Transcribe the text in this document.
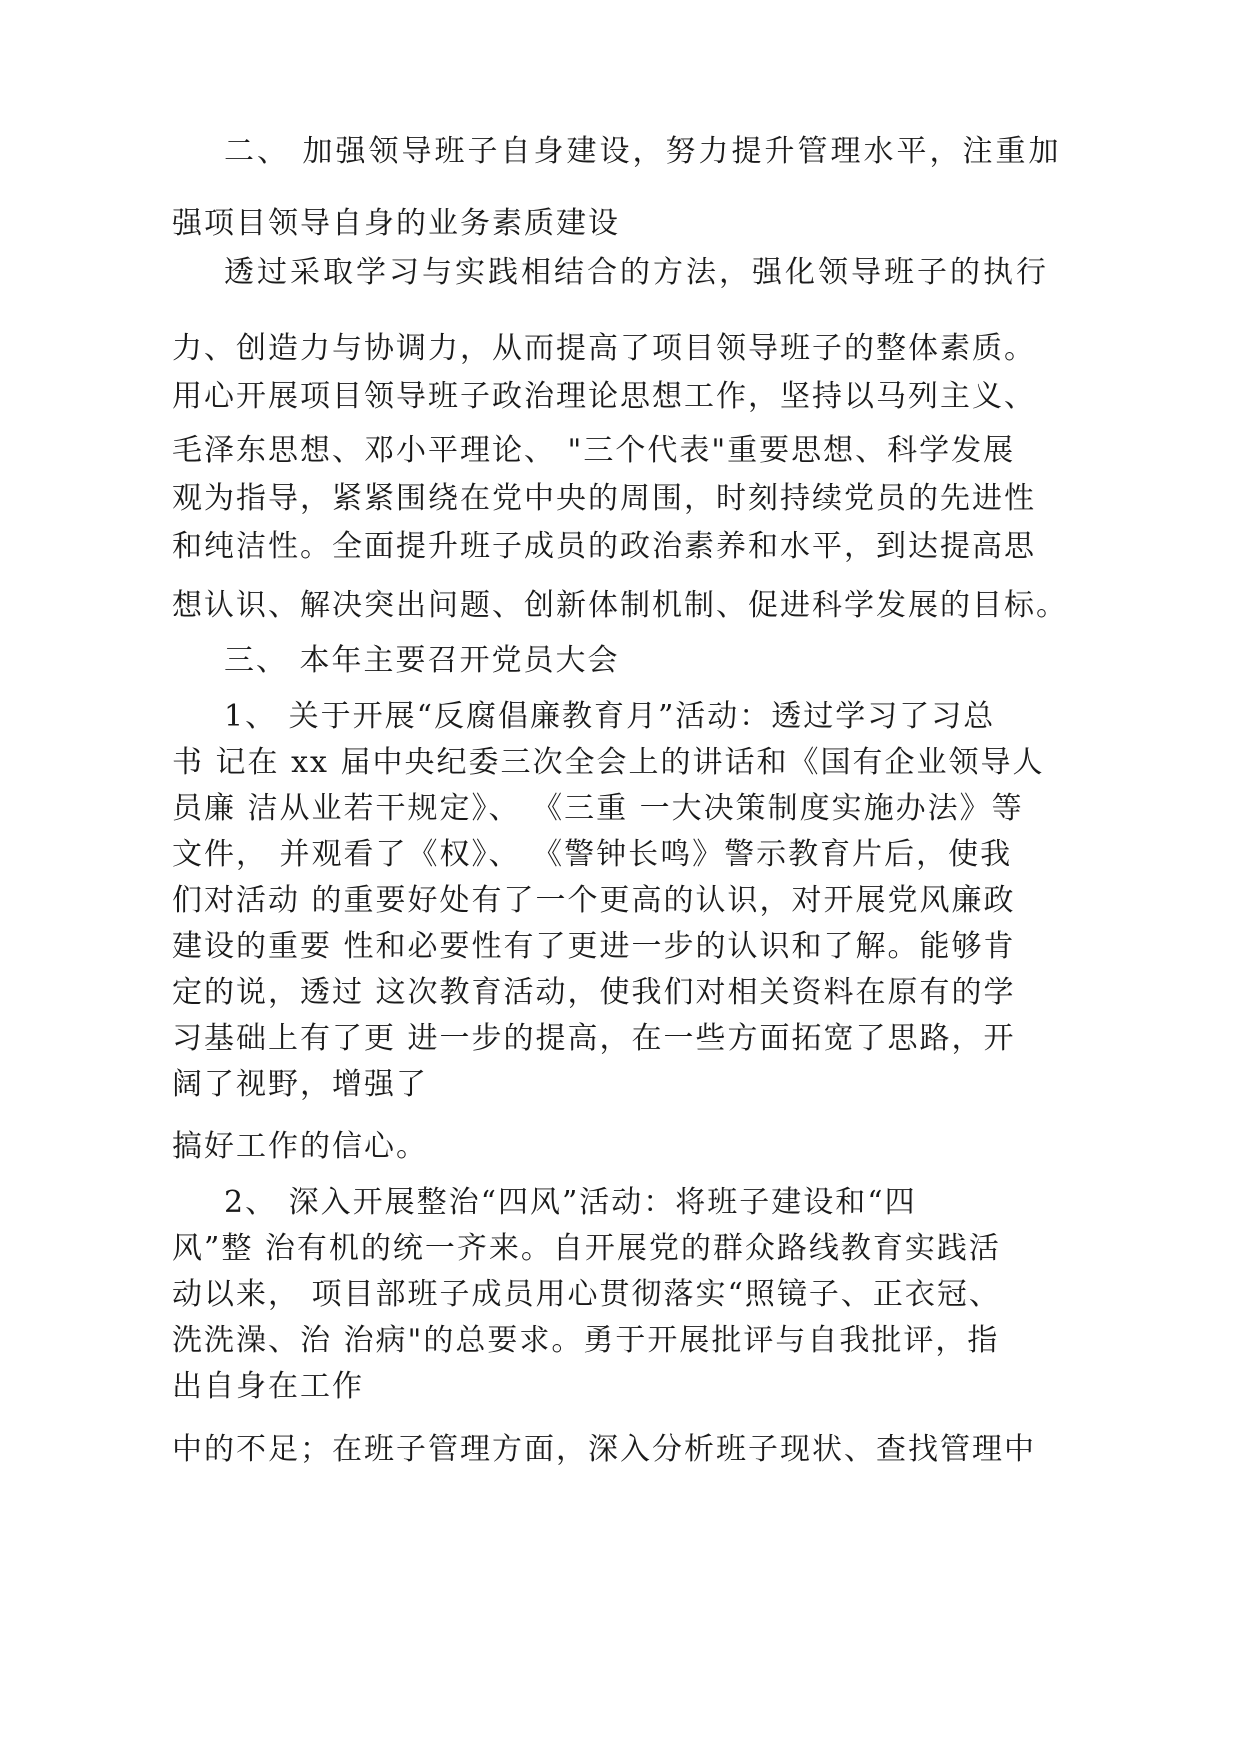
二、 加强领导班子自身建设，努力提升管理水平，注重加
强项目领导自身的业务素质建设
透过采取学习与实践相结合的方法，强化领导班子的执行
力、创造力与协调力，从而提高了项目领导班子的整体素质。
用心开展项目领导班子政治理论思想工作，坚持以马列主义、
毛泽东思想、邓小平理论、 "三个代表"重要思想、科学发展
观为指导，紧紧围绕在党中央的周围，时刻持续党员的先进性
和纯洁性。全面提升班子成员的政治素养和水平，到达提高思
想认识、解决突出问题、创新体制机制、促进科学发展的目标。
三、 本年主要召开党员大会
1、 关于开展“反腐倡廉教育月”活动：透过学习了习总
书 记在 xx 届中央纪委三次全会上的讲话和《国有企业领导人
员廉 洁从业若干规定》、 《三重 一大决策制度实施办法》等
文件， 并观看了《权》、 《警钟长鸣》警示教育片后，使我
们对活动 的重要好处有了一个更高的认识，对开展党风廉政
建设的重要 性和必要性有了更进一步的认识和了解。能够肯
定的说，透过 这次教育活动，使我们对相关资料在原有的学
习基础上有了更 进一步的提高，在一些方面拓宽了思路，开
阔了视野，增强了
搞好工作的信心。
2、 深入开展整治“四风”活动：将班子建设和“四
风”整 治有机的统一齐来。自开展党的群众路线教育实践活
动以来， 项目部班子成员用心贯彻落实“照镜子、正衣冠、
洗洗澡、治 治病"的总要求。勇于开展批评与自我批评，指
出自身在工作
中的不足；在班子管理方面，深入分析班子现状、查找管理中
